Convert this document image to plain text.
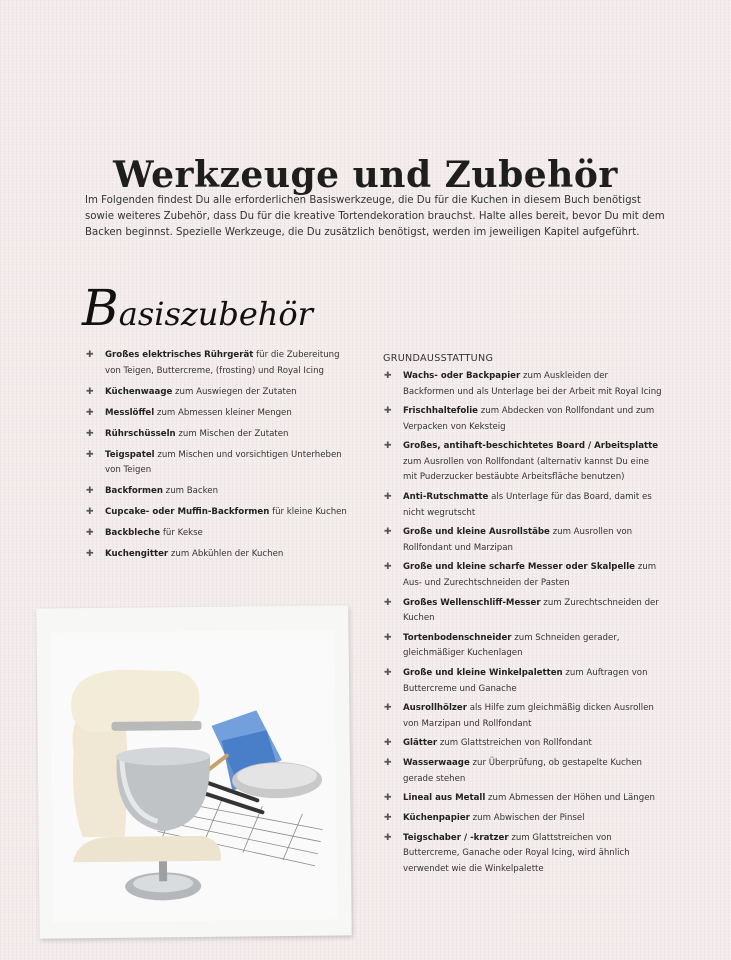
Werkzeuge und Zubehör

Im Folgenden findest Du alle erforderlichen Basiswerkzeuge, die Du für die Kuchen in diesem Buch benötigst sowie weiteres Zubehör, dass Du für die kreative Tortendekoration brauchst. Halte alles bereit, bevor Du mit dem Backen beginnst. Spezielle Werkzeuge, die Du zusätzlich benötigst, werden im jeweiligen Kapitel aufgeführt.

Basiszubehör
✚ Großes elektrisches Rührgerät für die Zubereitung von Teigen, Buttercreme, (frosting) und Royal Icing
✚ Küchenwaage zum Auswiegen der Zutaten
✚ Messlöffel zum Abmessen kleiner Mengen
✚ Rührschüsseln zum Mischen der Zutaten
✚ Teigspatel zum Mischen und vorsichtigen Unterheben von Teigen
✚ Backformen zum Backen
✚ Cupcake- oder Muffin-Backformen für kleine Kuchen
✚ Backbleche für Kekse
✚ Kuchengitter zum Abkühlen der Kuchen
GRUNDAUSSTATTUNG
✚ Wachs- oder Backpapier zum Auskleiden der Backformen und als Unterlage bei der Arbeit mit Royal Icing
✚ Frischhaltefolie zum Abdecken von Rollfondant und zum Verpacken von Keksteig
✚ Großes, antihaft-beschichtetes Board / Arbeitsplatte zum Ausrollen von Rollfondant (alternativ kannst Du eine mit Puderzucker bestäubte Arbeitsfläche benutzen)
✚ Anti-Rutschmatte als Unterlage für das Board, damit es nicht wegrutscht
✚ Große und kleine Ausrollstäbe zum Ausrollen von Rollfondant und Marzipan
✚ Große und kleine scharfe Messer oder Skalpelle zum Aus- und Zurechtschneiden der Pasten
✚ Großes Wellenschliff-Messer zum Zurechtschneiden der Kuchen
✚ Tortenbodenschneider zum Schneiden gerader, gleichmäßiger Kuchenlagen
✚ Große und kleine Winkelpaletten zum Auftragen von Buttercreme und Ganache
✚ Ausrollhölzer als Hilfe zum gleichmäßig dicken Ausrollen von Marzipan und Rollfondant
✚ Glätter zum Glattstreichen von Rollfondant
✚ Wasserwaage zur Überprüfung, ob gestapelte Kuchen gerade stehen
✚ Lineal aus Metall zum Abmessen der Höhen und Längen
✚ Küchenpapier zum Abwischen der Pinsel
✚ Teigschaber / -kratzer zum Glattstreichen von Buttercreme, Ganache oder Royal Icing, wird ähnlich verwendet wie die Winkelpalette
